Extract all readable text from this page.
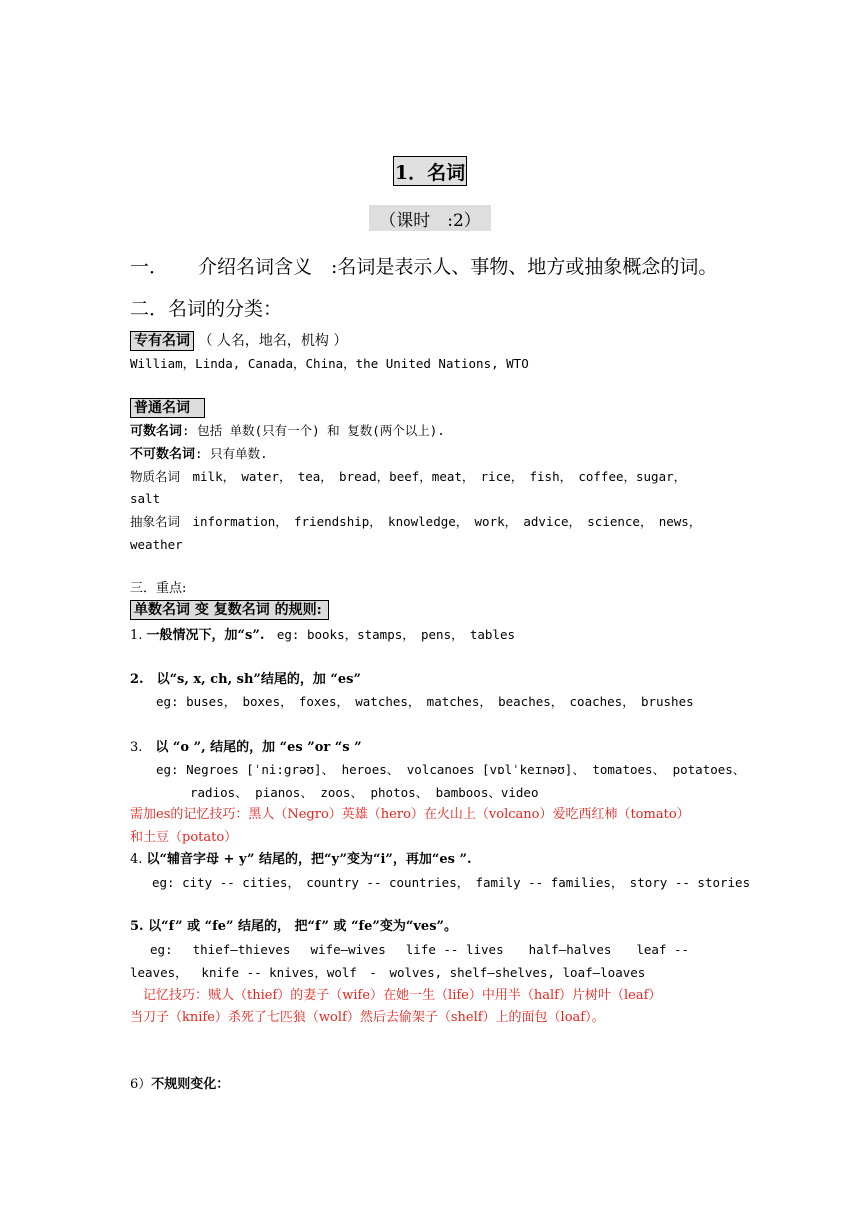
1．名词
（课时　:2）
一． 介绍名词含义　:名词是表示人、事物、地方或抽象概念的词。
二．名词的分类：
专有名词 （ 人名，地名，机构 ）
William，Linda, Canada，China，the United Nations, WTO
普通名词
可数名词: 包括 单数(只有一个) 和 复数(两个以上).
不可数名词: 只有单数.
物质名词　milk，　water，　tea，　bread，beef，meat，　rice，　fish，　coffee，sugar，
salt
抽象名词　information，　friendship，　knowledge，　work，　advice，　science，　news，
weather
三．重点:
单数名词 变 复数名词 的规则:
1. 一般情况下，加“s”.　eg: books，stamps，　pens，　tables
2.　以“s, x, ch, sh”结尾的，加 “es”
eg: buses，　boxes，　foxes，　watches，　matches，　beaches，　coaches，　brushes
3.　以 “o ”, 结尾的，加 “es ”or “s ”
eg: Negroes [ˈni:grəʊ]、 heroes、 volcanoes [vɒlˈkeɪnəʊ]、 tomatoes、 potatoes、
radios、 pianos、 zoos、 photos、 bamboos、video
需加es的记忆技巧：黑人（Negro）英雄（hero）在火山上（volcano）爱吃西红柿（tomato）
和土豆（potato）
4. 以“辅音字母 + y” 结尾的，把“y”变为“i”，再加“es ”.
eg: city -- cities，　country -- countries，　family -- families，　story -- stories
5. 以“f” 或 “fe” 结尾的， 把“f” 或 “fe”变为“ves”。
　 eg:　 thief—thieves　 wife—wives　 life -- lives　　half—halves　　leaf --
leaves，　 knife -- knives，wolf　-　wolves, shelf—shelves, loaf—loaves
　记忆技巧：贼人（thief）的妻子（wife）在她一生（life）中用半（half）片树叶（leaf）
当刀子（knife）杀死了七匹狼（wolf）然后去偷架子（shelf）上的面包（loaf）。
6）不规则变化：
